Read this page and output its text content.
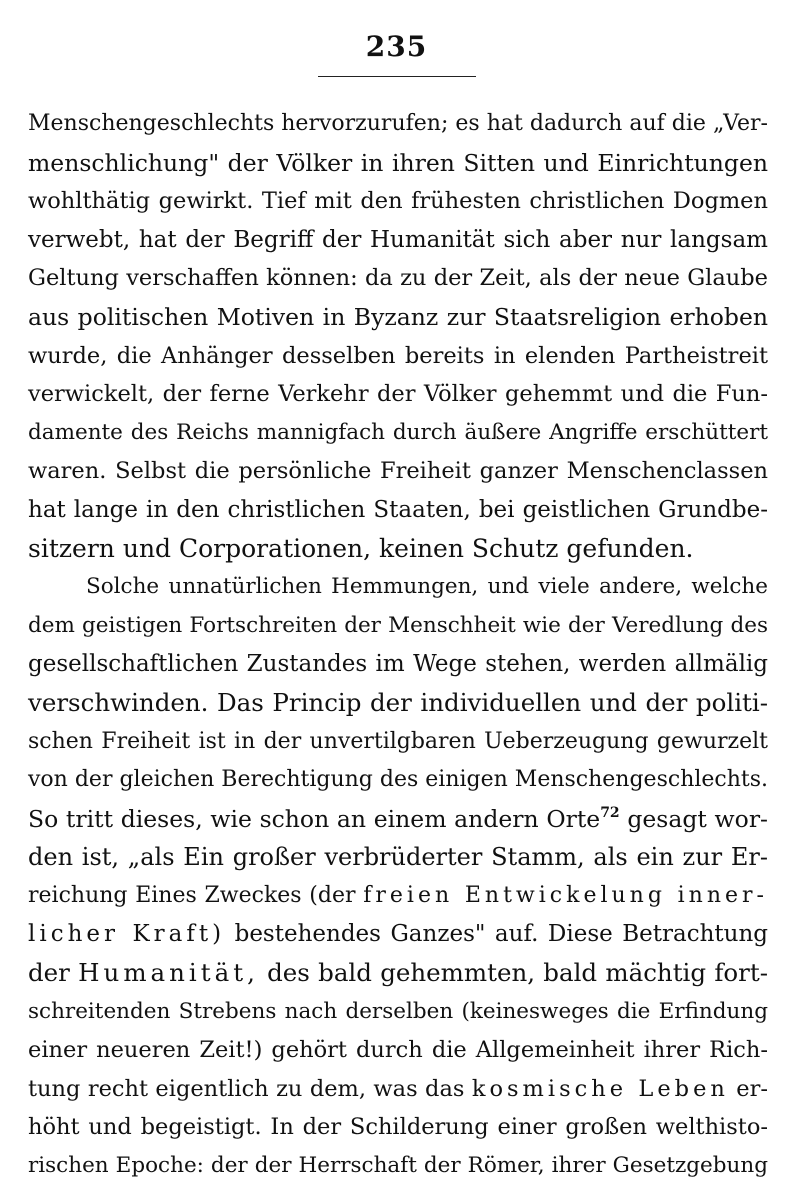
235
Menschengeschlechts hervorzurufen; es hat dadurch auf die „Ver-
menschlichung" der Völker in ihren Sitten und Einrichtungen
wohlthätig gewirkt. Tief mit den frühesten christlichen Dogmen
verwebt, hat der Begriff der Humanität sich aber nur langsam
Geltung verschaffen können: da zu der Zeit, als der neue Glaube
aus politischen Motiven in Byzanz zur Staatsreligion erhoben
wurde, die Anhänger desselben bereits in elenden Partheistreit
verwickelt, der ferne Verkehr der Völker gehemmt und die Fun-
damente des Reichs mannigfach durch äußere Angriffe erschüttert
waren. Selbst die persönliche Freiheit ganzer Menschenclassen
hat lange in den christlichen Staaten, bei geistlichen Grundbe-
sitzern und Corporationen, keinen Schutz gefunden.
Solche unnatürlichen Hemmungen, und viele andere, welche
dem geistigen Fortschreiten der Menschheit wie der Veredlung des
gesellschaftlichen Zustandes im Wege stehen, werden allmälig
verschwinden. Das Princip der individuellen und der politi-
schen Freiheit ist in der unvertilgbaren Ueberzeugung gewurzelt
von der gleichen Berechtigung des einigen Menschengeschlechts.
So tritt dieses, wie schon an einem andern Orte$^{72}$ gesagt wor-
den ist, „als Ein großer verbrüderter Stamm, als ein zur Er-
reichung Eines Zweckes (der freien Entwickelung inner-
licher Kraft) bestehendes Ganzes" auf. Diese Betrachtung
der Humanität, des bald gehemmten, bald mächtig fort-
schreitenden Strebens nach derselben (keinesweges die Erfindung
einer neueren Zeit!) gehört durch die Allgemeinheit ihrer Rich-
tung recht eigentlich zu dem, was das kosmische Leben er-
höht und begeistigt. In der Schilderung einer großen welthisto-
rischen Epoche: der der Herrschaft der Römer, ihrer Gesetzgebung
